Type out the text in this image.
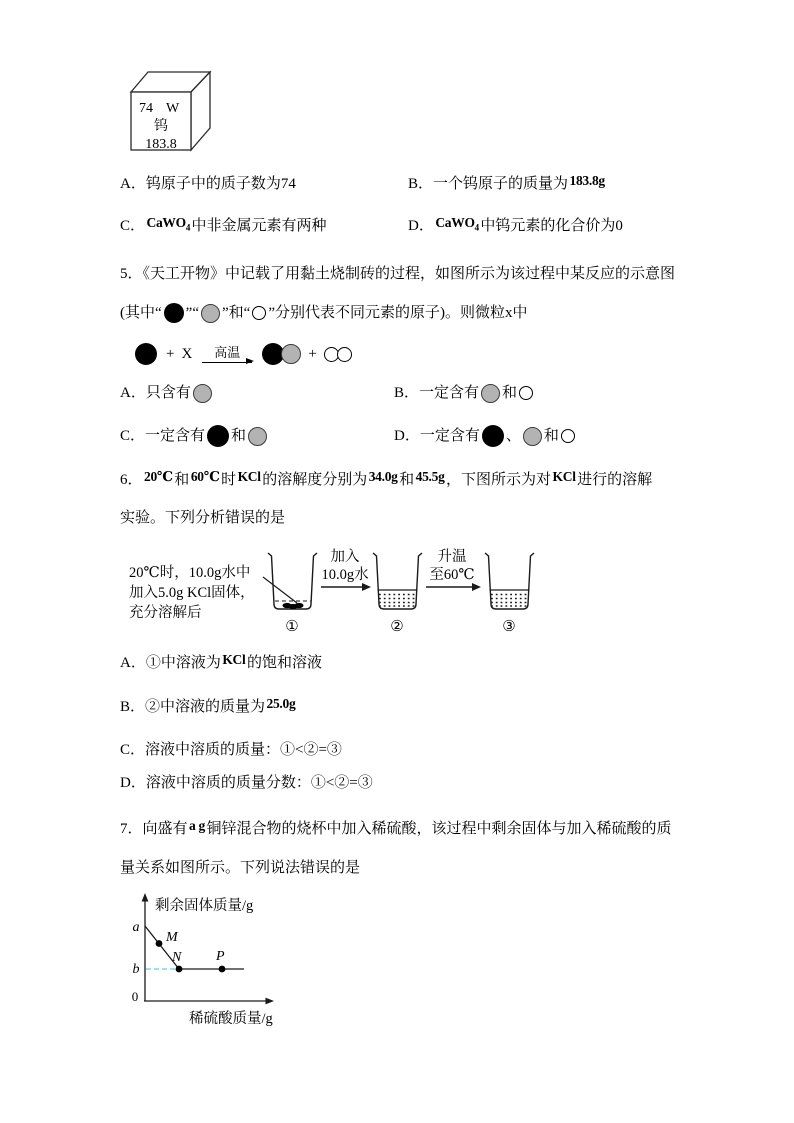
74 W
钨
183.8
A．钨原子中的质子数为74	B．一个钨原子的质量为 183.8g
C． CaWO$_4$ 中非金属元素有两种	D． CaWO$_4$ 中钨元素的化合价为0
5．《天工开物》中记载了用黏土烧制砖的过程，如图所示为该过程中某反应的示意图
(其中“ ”“ ”和“ ”分别代表不同元素的原子)。则微粒x中
+ X 高温	+
A． 只含有	B． 一定含有 和
C． 一定含有 和	D． 一定含有 、 和
6． 20℃ 和 60℃ 时 KCl 的溶解度分别为 34.0g 和 45.5g ，下图所示为对 KCl 进行的溶解
实验。下列分析错误的是
20℃时，10.0g水中
加入5.0g KCl固体，
充分溶解后
①
加入
10.0g水
②
升温
至60℃
③
A．①中溶液为 KCl 的饱和溶液
B．②中溶液的质量为 25.0g
C．溶液中溶质的质量：①<②=③
D．溶液中溶质的质量分数：①<②=③
7．向盛有 a g 铜锌混合物的烧杯中加入稀硫酸，该过程中剩余固体与加入稀硫酸的质
量关系如图所示。下列说法错误的是
剩余固体质量/g
稀硫酸质量/g
a
b
0
M
N P
